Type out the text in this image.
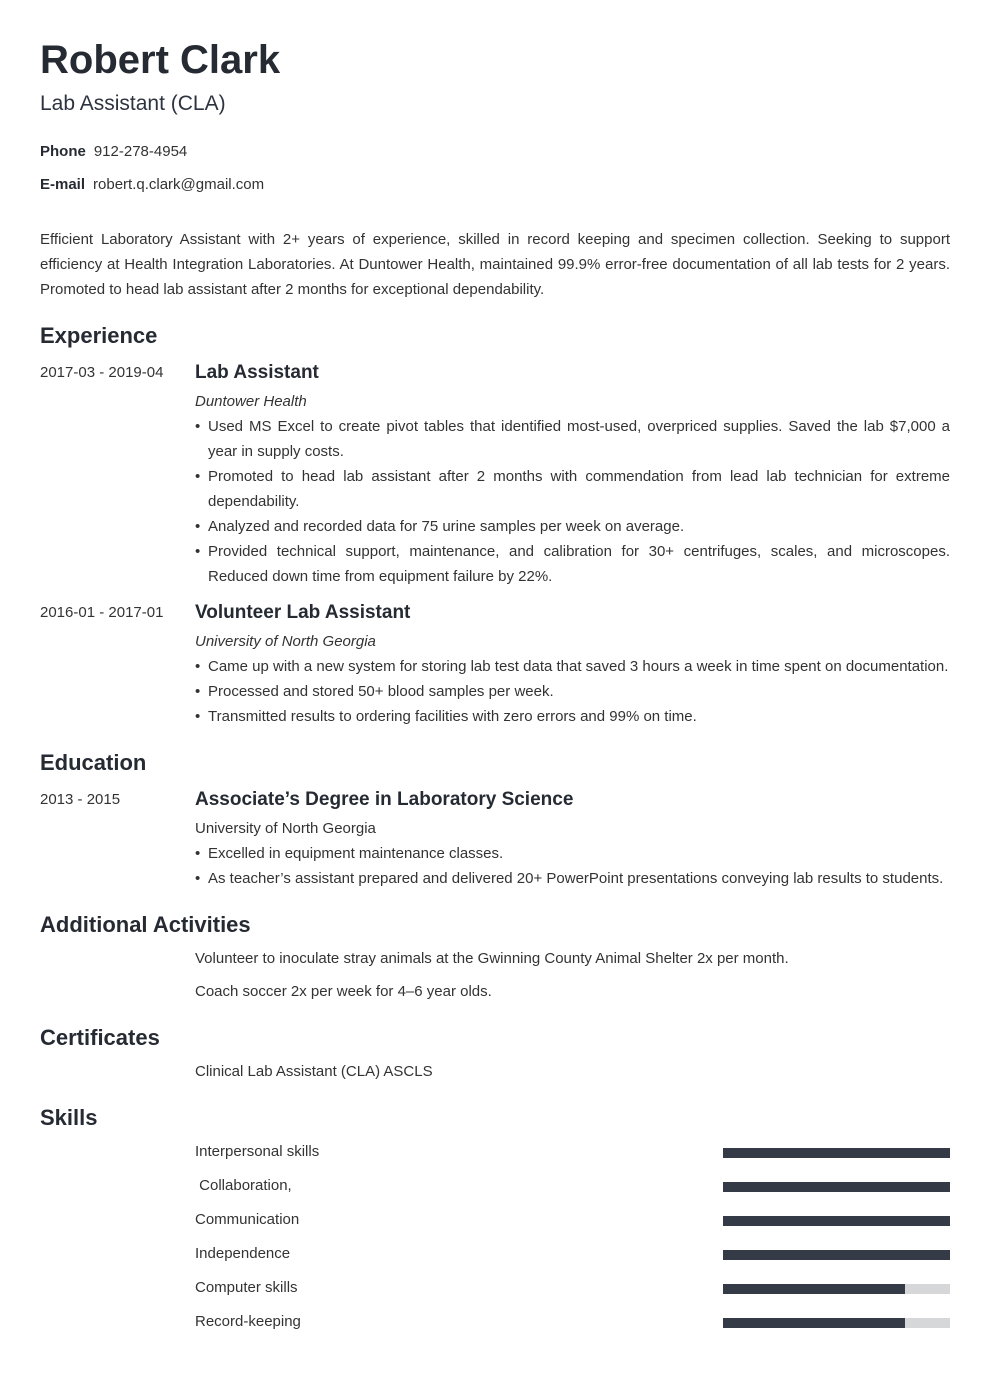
Robert Clark
Lab Assistant (CLA)
Phone 912-278-4954
E-mail robert.q.clark@gmail.com
Efficient Laboratory Assistant with 2+ years of experience, skilled in record keeping and specimen collection. Seeking to support efficiency at Health Integration Laboratories. At Duntower Health, maintained 99.9% error-free documentation of all lab tests for 2 years. Promoted to head lab assistant after 2 months for exceptional dependability.
Experience
2017-03 - 2019-04 Lab Assistant
Duntower Health
• Used MS Excel to create pivot tables that identified most-used, overpriced supplies. Saved the lab $7,000 a year in supply costs.
• Promoted to head lab assistant after 2 months with commendation from lead lab technician for extreme dependability.
• Analyzed and recorded data for 75 urine samples per week on average.
• Provided technical support, maintenance, and calibration for 30+ centrifuges, scales, and microscopes. Reduced down time from equipment failure by 22%.
2016-01 - 2017-01 Volunteer Lab Assistant
University of North Georgia
• Came up with a new system for storing lab test data that saved 3 hours a week in time spent on documentation.
• Processed and stored 50+ blood samples per week.
• Transmitted results to ordering facilities with zero errors and 99% on time.
Education
2013 - 2015	Associate’s Degree in Laboratory Science
University of North Georgia
• Excelled in equipment maintenance classes.
• As teacher’s assistant prepared and delivered 20+ PowerPoint presentations conveying lab results to students.
Additional Activities
Volunteer to inoculate stray animals at the Gwinning County Animal Shelter 2x per month.
Coach soccer 2x per week for 4–6 year olds.
Certificates
Clinical Lab Assistant (CLA) ASCLS
Skills
Interpersonal skills
Collaboration,
Communication
Independence
Computer skills
Record-keeping
